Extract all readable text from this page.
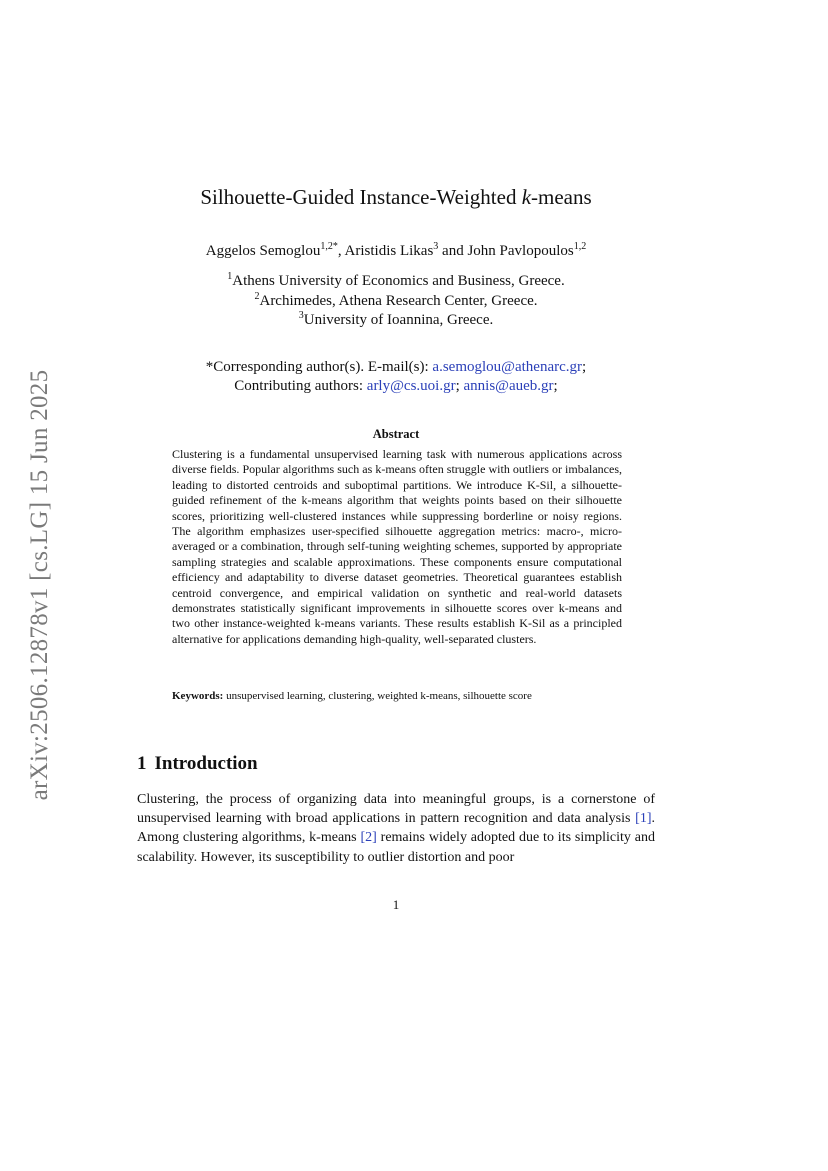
arXiv:2506.12878v1 [cs.LG] 15 Jun 2025
Silhouette-Guided Instance-Weighted k-means
Aggelos Semoglou$^{1,2*}$, Aristidis Likas$^3$ and John Pavlopoulos$^{1,2}$
$^1$Athens University of Economics and Business, Greece.
$^2$Archimedes, Athena Research Center, Greece.
$^3$University of Ioannina, Greece.
*Corresponding author(s). E-mail(s): a.semoglou@athenarc.gr;
Contributing authors: arly@cs.uoi.gr; annis@aueb.gr;
Abstract
Clustering is a fundamental unsupervised learning task with numerous applications across diverse fields. Popular algorithms such as k-means often struggle with outliers or imbalances, leading to distorted centroids and suboptimal partitions. We introduce K-Sil, a silhouette-guided refinement of the k-means algorithm that weights points based on their silhouette scores, prioritizing well-clustered instances while suppressing borderline or noisy regions. The algorithm emphasizes user-specified silhouette aggregation metrics: macro-, micro-averaged or a combination, through self-tuning weighting schemes, supported by appropriate sampling strategies and scalable approximations. These components ensure computational efficiency and adaptability to diverse dataset geometries. Theoretical guarantees establish centroid convergence, and empirical validation on synthetic and real-world datasets demonstrates statistically significant improvements in silhouette scores over k-means and two other instance-weighted k-means variants. These results establish K-Sil as a principled alternative for applications demanding high-quality, well-separated clusters.
Keywords: unsupervised learning, clustering, weighted k-means, silhouette score
1 Introduction
Clustering, the process of organizing data into meaningful groups, is a cornerstone of unsupervised learning with broad applications in pattern recognition and data analysis [1]. Among clustering algorithms, k-means [2] remains widely adopted due to its simplicity and scalability. However, its susceptibility to outlier distortion and poor
1
